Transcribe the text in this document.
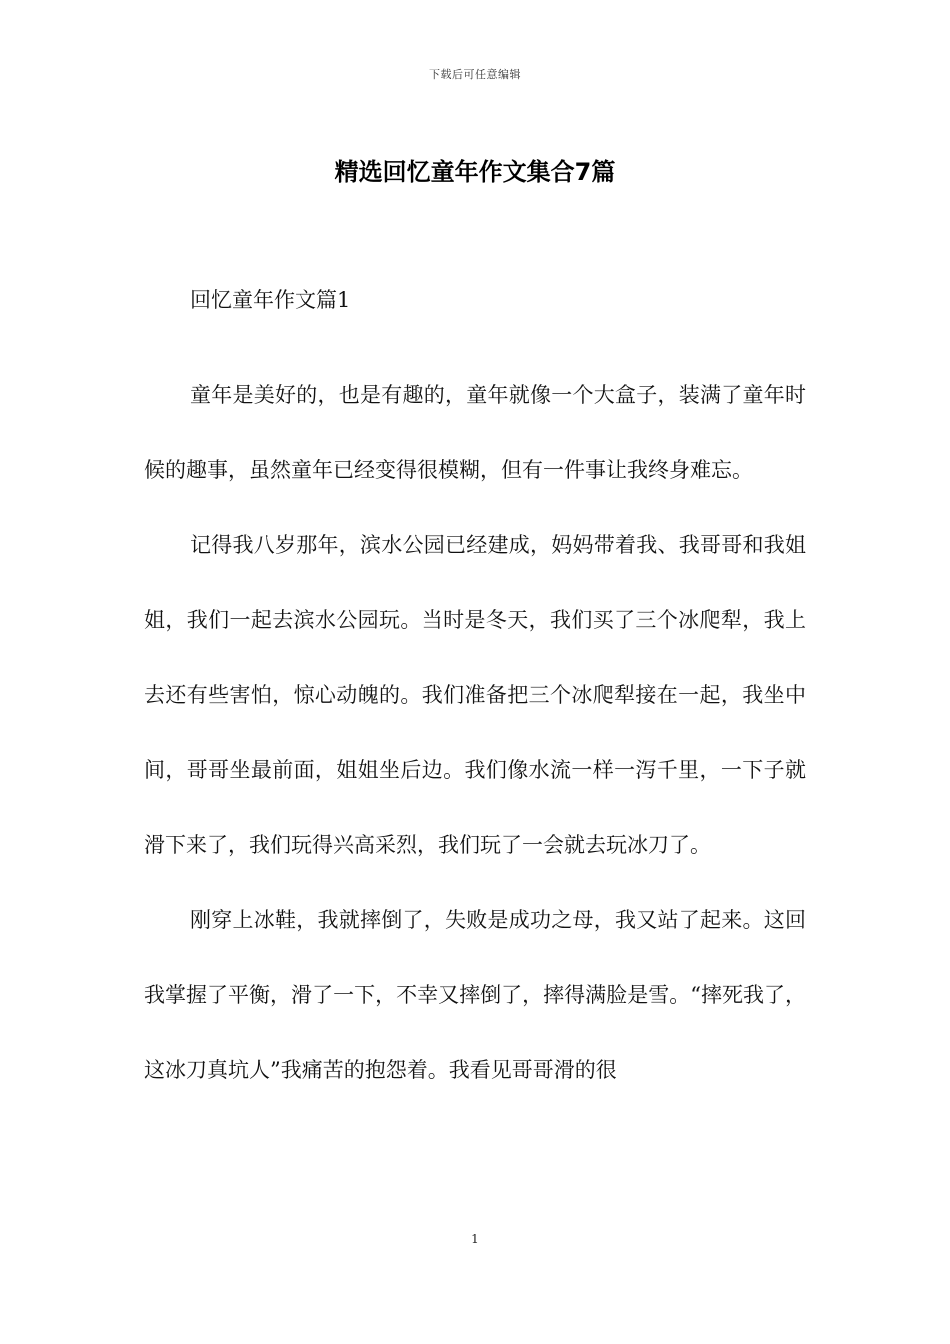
下载后可任意编辑
精选回忆童年作文集合7篇

回忆童年作文篇1

童年是美好的，也是有趣的，童年就像一个大盒子，装满了童年时候的趣事，虽然童年已经变得很模糊，但有一件事让我终身难忘。

记得我八岁那年，滨水公园已经建成，妈妈带着我、我哥哥和我姐姐，我们一起去滨水公园玩。当时是冬天，我们买了三个冰爬犁，我上去还有些害怕，惊心动魄的。我们准备把三个冰爬犁接在一起，我坐中间，哥哥坐最前面，姐姐坐后边。我们像水流一样一泻千里，一下子就滑下来了，我们玩得兴高采烈，我们玩了一会就去玩冰刀了。

刚穿上冰鞋，我就摔倒了，失败是成功之母，我又站了起来。这回我掌握了平衡，滑了一下，不幸又摔倒了，摔得满脸是雪。“摔死我了，这冰刀真坑人”我痛苦的抱怨着。我看见哥哥滑的很

1
